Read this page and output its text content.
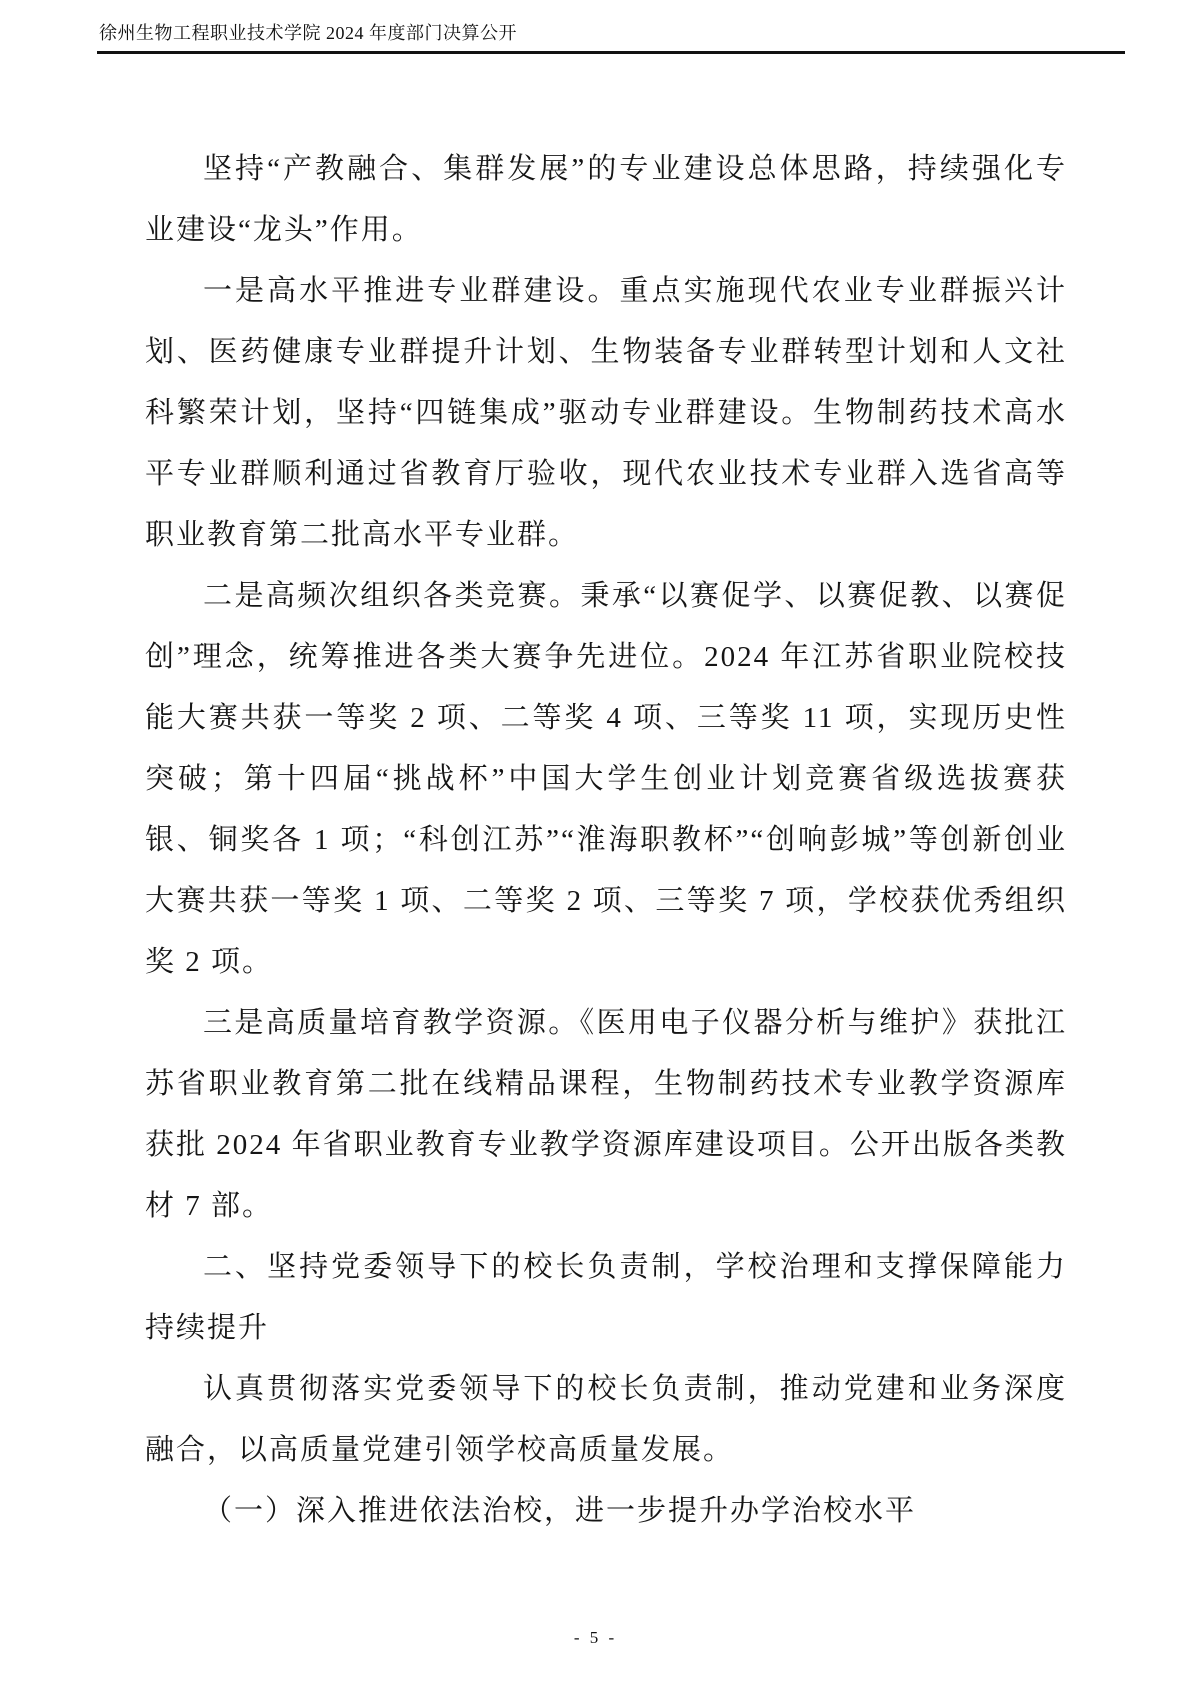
徐州生物工程职业技术学院 2024 年度部门决算公开

坚持“产教融合、集群发展”的专业建设总体思路，持续强化专业建设“龙头”作用。

一是高水平推进专业群建设。重点实施现代农业专业群振兴计划、医药健康专业群提升计划、生物装备专业群转型计划和人文社科繁荣计划，坚持“四链集成”驱动专业群建设。生物制药技术高水平专业群顺利通过省教育厅验收，现代农业技术专业群入选省高等职业教育第二批高水平专业群。

二是高频次组织各类竞赛。秉承“以赛促学、以赛促教、以赛促创”理念，统筹推进各类大赛争先进位。2024 年江苏省职业院校技能大赛共获一等奖 2 项、二等奖 4 项、三等奖 11 项，实现历史性突破；第十四届“挑战杯”中国大学生创业计划竞赛省级选拔赛获银、铜奖各 1 项；“科创江苏”“淮海职教杯”“创响彭城”等创新创业大赛共获一等奖 1 项、二等奖 2 项、三等奖 7 项，学校获优秀组织奖 2 项。

三是高质量培育教学资源。《医用电子仪器分析与维护》获批江苏省职业教育第二批在线精品课程，生物制药技术专业教学资源库获批 2024 年省职业教育专业教学资源库建设项目。公开出版各类教材 7 部。

二、坚持党委领导下的校长负责制，学校治理和支撑保障能力持续提升

认真贯彻落实党委领导下的校长负责制，推动党建和业务深度融合，以高质量党建引领学校高质量发展。

（一）深入推进依法治校，进一步提升办学治校水平

- 5 -
